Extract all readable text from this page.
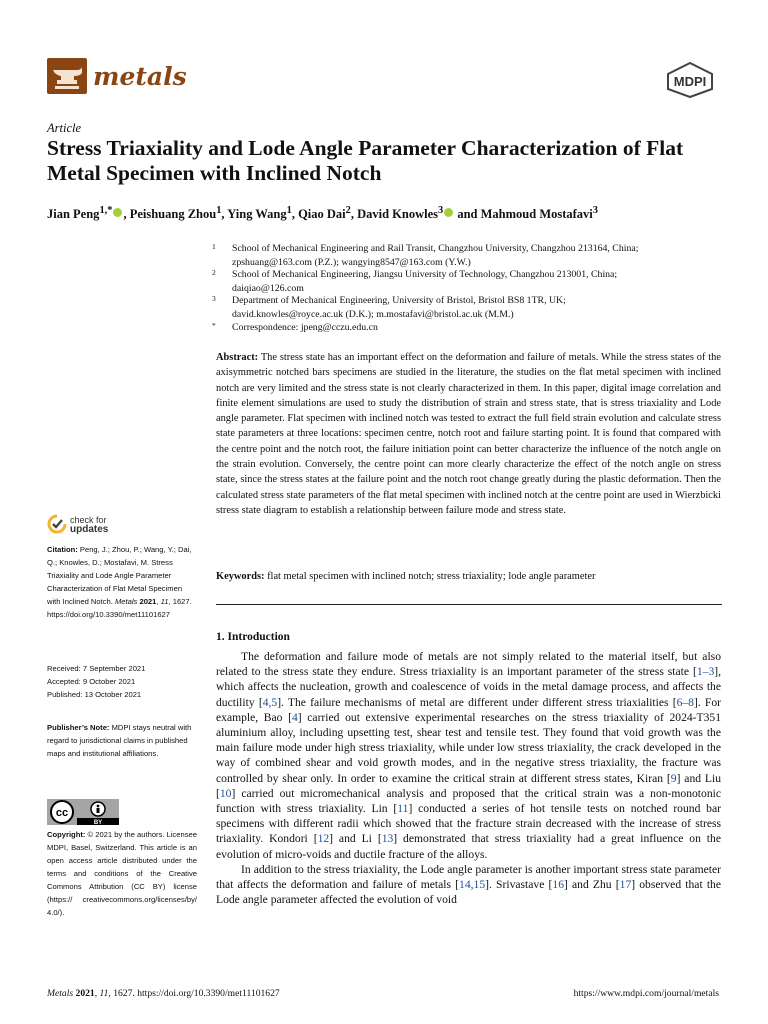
metals	MDPI
Article
Stress Triaxiality and Lode Angle Parameter Characterization of Flat Metal Specimen with Inclined Notch
Jian Peng$^{1,*}$ , Peishuang Zhou$^1$, Ying Wang$^1$, Qiao Dai$^2$, David Knowles$^3$ and Mahmoud Mostafavi$^3$
1 School of Mechanical Engineering and Rail Transit, Changzhou University, Changzhou 213164, China;
zpshuang@163.com (P.Z.); wangying8547@163.com (Y.W.)
2 School of Mechanical Engineering, Jiangsu University of Technology, Changzhou 213001, China;
daiqiao@126.com
3 Department of Mechanical Engineering, University of Bristol, Bristol BS8 1TR, UK;
david.knowles@royce.ac.uk (D.K.); m.mostafavi@bristol.ac.uk (M.M.)
* Correspondence: jpeng@cczu.edu.cn
Abstract: The stress state has an important effect on the deformation and failure of metals. While the stress states of the axisymmetric notched bars specimens are studied in the literature, the studies on the flat metal specimen with inclined notch are very limited and the stress state is not clearly characterized in them. In this paper, digital image correlation and finite element simulations are used to study the distribution of strain and stress state, that is stress triaxiality and Lode angle parameter. Flat specimen with inclined notch was tested to extract the full field strain evolution and calculate stress state parameters at three locations: specimen centre, notch root and failure starting point. It is found that compared with the centre point and the notch root, the failure initiation point can better characterize the influence of the notch angle on the strain evolution. Conversely, the centre point can more clearly characterize the effect of the notch angle on stress state, since the stress states at the failure point and the notch root change greatly during the plastic deformation. Then the calculated stress state parameters of the flat metal specimen with inclined notch at the centre point are used in Wierzbicki stress state diagram to establish a relationship between failure mode and stress state.
Keywords: flat metal specimen with inclined notch; stress triaxiality; lode angle parameter
check for
updates
Citation: Peng, J.; Zhou, P.; Wang, Y.; Dai, Q.; Knowles, D.; Mostafavi, M. Stress Triaxiality and Lode Angle Parameter Characterization of Flat Metal Specimen with Inclined Notch. Metals 2021, 11, 1627. https://doi.org/10.3390/met11101627
Received: 7 September 2021
Accepted: 9 October 2021
Published: 13 October 2021
Publisher’s Note: MDPI stays neutral with regard to jurisdictional claims in published maps and institutional affiliations.
cc
BY
Copyright: © 2021 by the authors. Licensee MDPI, Basel, Switzerland. This article is an open access article distributed under the terms and conditions of the Creative Commons Attribution (CC BY) license (https:// creativecommons.org/licenses/by/ 4.0/).
1. Introduction

The deformation and failure mode of metals are not simply related to the material itself, but also related to the stress state they endure. Stress triaxiality is an important parameter of the stress state [1–3], which affects the nucleation, growth and coalescence of voids in the metal damage process, and affects the ductility [4,5]. The failure mechanisms of metal are different under different stress triaxialities [6–8]. For example, Bao [4] carried out extensive experimental researches on the stress triaxiality of 2024-T351 aluminium alloy, including upsetting test, shear test and tensile test. They found that void growth was the main failure mode under high stress triaxiality, while under low stress triaxiality, the crack developed in the way of combined shear and void growth modes, and in the negative stress triaxiality, the fracture was controlled by shear only. In order to examine the critical strain at different stress states, Kiran [9] and Liu [10] carried out micromechanical analysis and proposed that the critical strain was a non-monotonic function with stress triaxiality. Lin [11] conducted a series of hot tensile tests on notched round bar specimens with different radii which showed that the fracture strain decreased with the increase of stress triaxiality. Kondori [12] and Li [13] demonstrated that stress triaxiality had a great influence on the evolution of micro-voids and ductile fracture of the alloys.

In addition to the stress triaxiality, the Lode angle parameter is another important stress state parameter that affects the deformation and failure of metals [14,15]. Srivastave [16] and Zhu [17] observed that the Lode angle parameter affected the evolution of void

Metals 2021, 11, 1627. https://doi.org/10.3390/met11101627	https://www.mdpi.com/journal/metals
